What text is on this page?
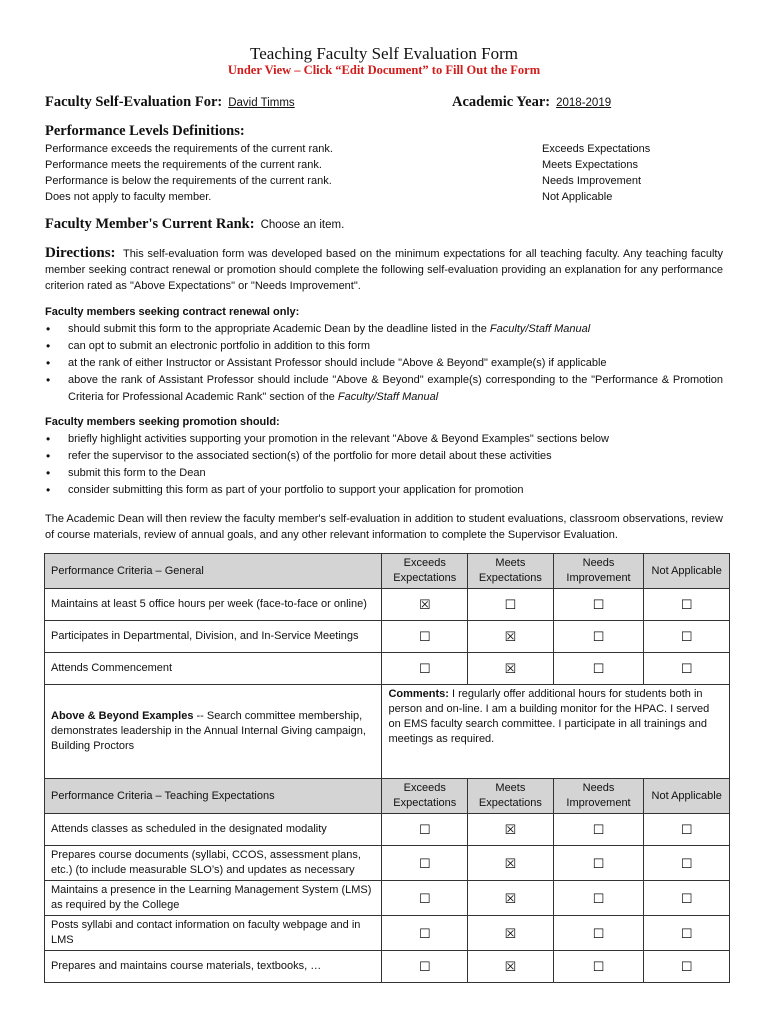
Teaching Faculty Self Evaluation Form
Under View – Click “Edit Document” to Fill Out the Form
Faculty Self-Evaluation For: David Timms	Academic Year: 2018-2019
Performance Levels Definitions:
Performance exceeds the requirements of the current rank.	Exceeds Expectations
Performance meets the requirements of the current rank.	Meets Expectations
Performance is below the requirements of the current rank.	Needs Improvement
Does not apply to faculty member.	Not Applicable
Faculty Member's Current Rank: Choose an item.
Directions: This self-evaluation form was developed based on the minimum expectations for all teaching faculty. Any teaching faculty member seeking contract renewal or promotion should complete the following self-evaluation providing an explanation for any performance criterion rated as "Above Expectations" or "Needs Improvement".
Faculty members seeking contract renewal only:
• should submit this form to the appropriate Academic Dean by the deadline listed in the Faculty/Staff Manual
• can opt to submit an electronic portfolio in addition to this form
• at the rank of either Instructor or Assistant Professor should include "Above & Beyond" example(s) if applicable
• above the rank of Assistant Professor should include "Above & Beyond" example(s) corresponding to the "Performance & Promotion Criteria for Professional Academic Rank" section of the Faculty/Staff Manual
Faculty members seeking promotion should:
• briefly highlight activities supporting your promotion in the relevant "Above & Beyond Examples" sections below
• refer the supervisor to the associated section(s) of the portfolio for more detail about these activities
• submit this form to the Dean
• consider submitting this form as part of your portfolio to support your application for promotion
The Academic Dean will then review the faculty member's self-evaluation in addition to student evaluations, classroom observations, review of course materials, review of annual goals, and any other relevant information to complete the Supervisor Evaluation.
Performance Criteria – General	Exceeds Expectations	Meets Expectations	Needs Improvement	Not Applicable
Maintains at least 5 office hours per week (face-to-face or online)	☒	☐	☐	☐
Participates in Departmental, Division, and In-Service Meetings	☐	☒	☐	☐
Attends Commencement	☐	☒	☐	☐
Above & Beyond Examples -- Search committee membership, demonstrates leadership in the Annual Internal Giving campaign, Building Proctors	Comments: I regularly offer additional hours for students both in person and on-line. I am a building monitor for the HPAC. I served on EMS faculty search committee. I participate in all trainings and meetings as required.			
Performance Criteria – Teaching Expectations	Exceeds Expectations	Meets Expectations	Needs Improvement	Not Applicable
Attends classes as scheduled in the designated modality	☐	☒	☐	☐
Prepares course documents (syllabi, CCOS, assessment plans, etc.) (to include measurable SLO’s) and updates as necessary	☐	☒	☐	☐
Maintains a presence in the Learning Management System (LMS) as required by the College	☐	☒	☐	☐
Posts syllabi and contact information on faculty webpage and in LMS	☐	☒	☐	☐
Prepares and maintains course materials, textbooks, …	☐	☒	☐	☐
